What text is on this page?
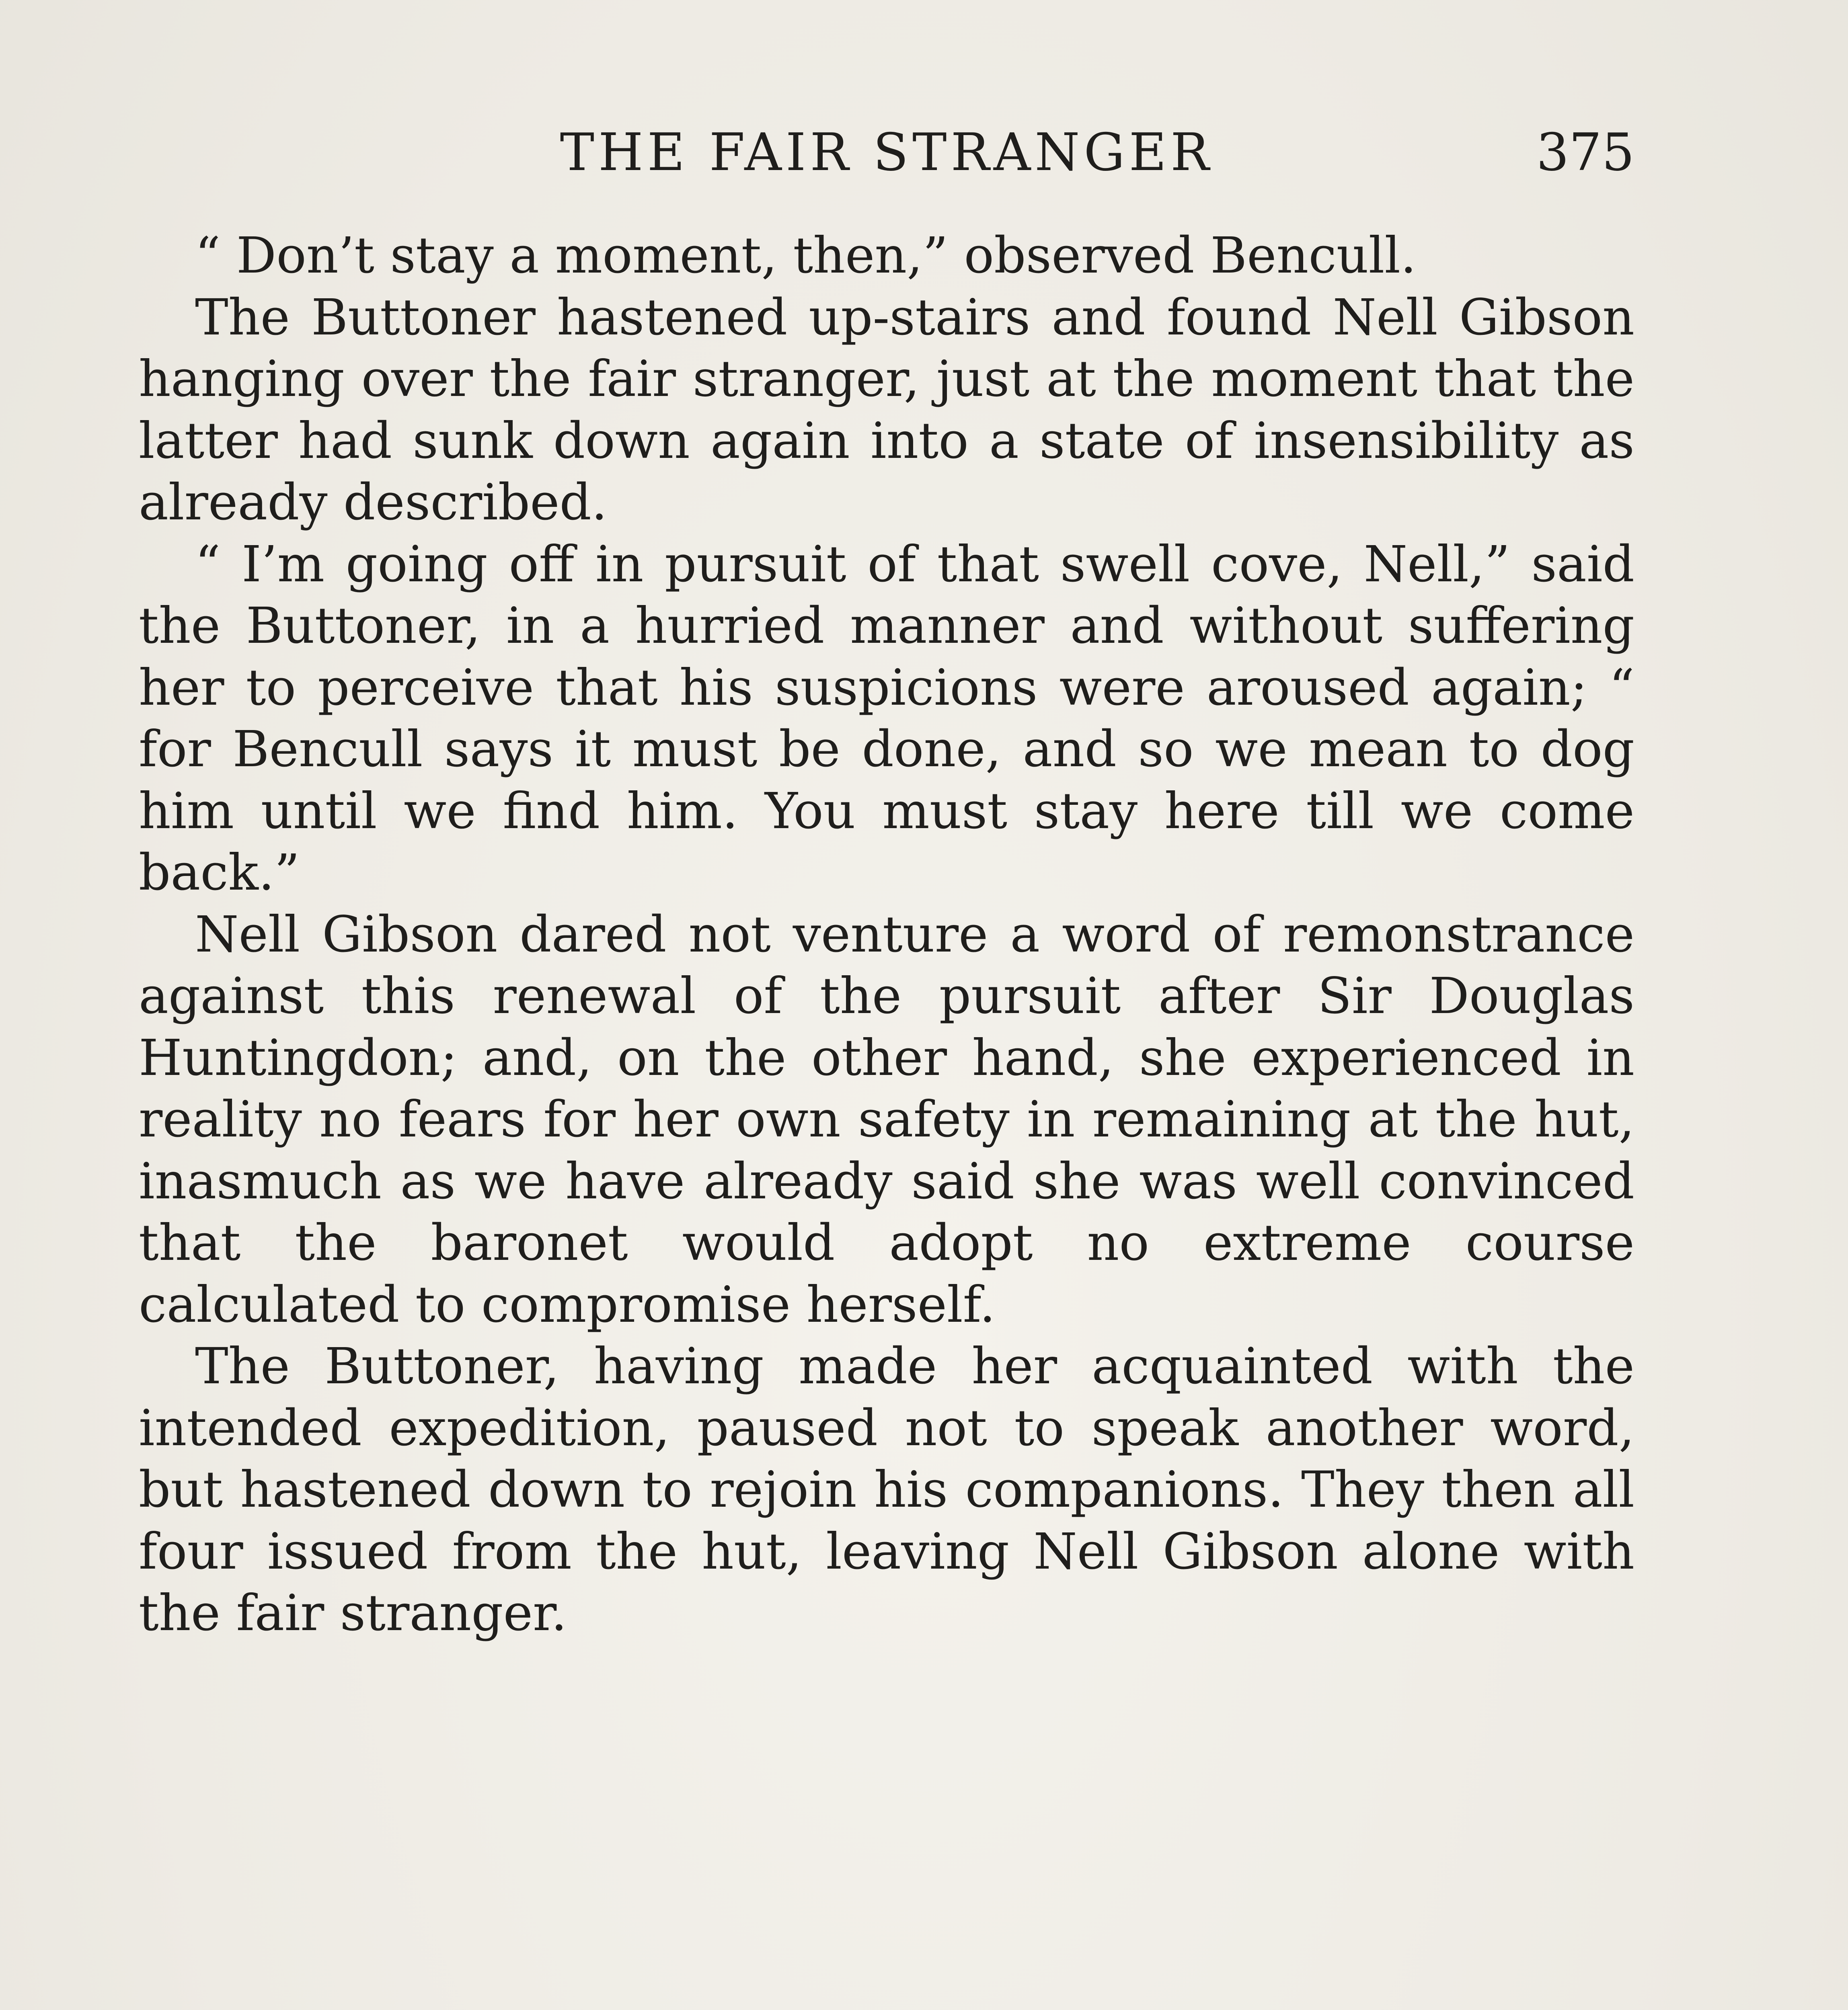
THE FAIR STRANGER	375

“ Don’t stay a moment, then,” observed Bencull.

The Buttoner hastened up-stairs and found Nell Gibson hanging over the fair stranger, just at the moment that the latter had sunk down again into a state of insensibility as already described.

“ I’m going off in pursuit of that swell cove, Nell,” said the Buttoner, in a hurried manner and without suffering her to perceive that his suspicions were aroused again; “ for Bencull says it must be done, and so we mean to dog him until we find him. You must stay here till we come back.”

Nell Gibson dared not venture a word of remonstrance against this renewal of the pursuit after Sir Douglas Huntingdon; and, on the other hand, she experienced in reality no fears for her own safety in remaining at the hut, inasmuch as we have already said she was well convinced that the baronet would adopt no extreme course calculated to compromise herself.

The Buttoner, having made her acquainted with the intended expedition, paused not to speak another word, but hastened down to rejoin his companions. They then all four issued from the hut, leaving Nell Gibson alone with the fair stranger.
